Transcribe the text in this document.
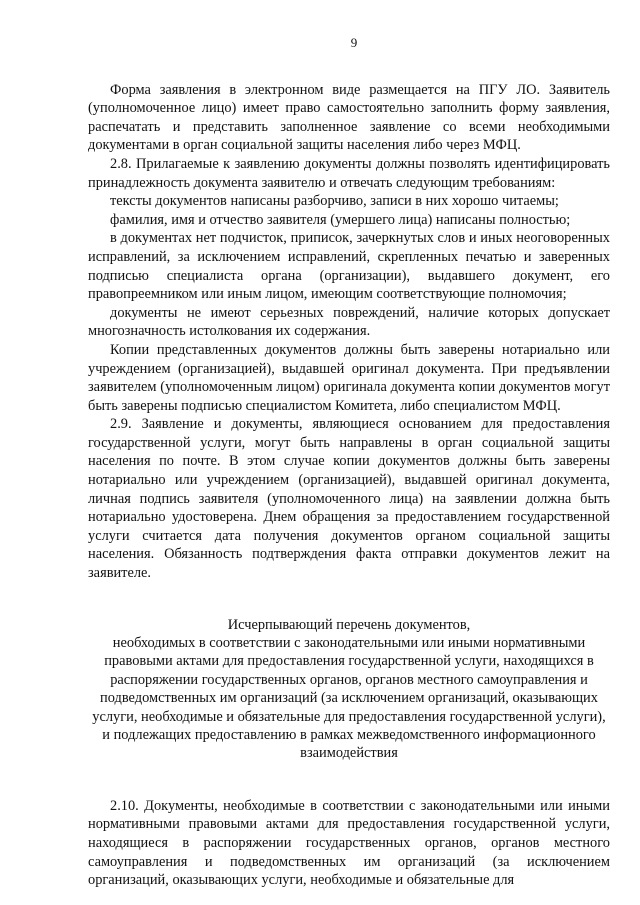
9

Форма заявления в электронном виде размещается на ПГУ ЛО. Заявитель (уполномоченное лицо) имеет право самостоятельно заполнить форму заявления, распечатать и представить заполненное заявление со всеми необходимыми документами в орган социальной защиты населения либо через МФЦ.

2.8. Прилагаемые к заявлению документы должны позволять идентифицировать принадлежность документа заявителю и отвечать следующим требованиям:

тексты документов написаны разборчиво, записи в них хорошо читаемы;

фамилия, имя и отчество заявителя (умершего лица) написаны полностью;

в документах нет подчисток, приписок, зачеркнутых слов и иных неоговоренных исправлений, за исключением исправлений, скрепленных печатью и заверенных подписью специалиста органа (организации), выдавшего документ, его правопреемником или иным лицом, имеющим соответствующие полномочия;

документы не имеют серьезных повреждений, наличие которых допускает многозначность истолкования их содержания.

Копии представленных документов должны быть заверены нотариально или учреждением (организацией), выдавшей оригинал документа. При предъявлении заявителем (уполномоченным лицом) оригинала документа копии документов могут быть заверены подписью специалистом Комитета, либо специалистом МФЦ.

2.9. Заявление и документы, являющиеся основанием для предоставления государственной услуги, могут быть направлены в орган социальной защиты населения по почте. В этом случае копии документов должны быть заверены нотариально или учреждением (организацией), выдавшей оригинал документа, личная подпись заявителя (уполномоченного лица) на заявлении должна быть нотариально удостоверена. Днем обращения за предоставлением государственной услуги считается дата получения документов органом социальной защиты населения. Обязанность подтверждения факта отправки документов лежит на заявителе.

Исчерпывающий перечень документов,
необходимых в соответствии с законодательными или иными нормативными
правовыми актами для предоставления государственной услуги, находящихся в
распоряжении государственных органов, органов местного самоуправления и
подведомственных им организаций (за исключением организаций, оказывающих
услуги, необходимые и обязательные для предоставления государственной услуги),
и подлежащих предоставлению в рамках межведомственного информационного
взаимодействия

2.10. Документы, необходимые в соответствии с законодательными или иными нормативными правовыми актами для предоставления государственной услуги, находящиеся в распоряжении государственных органов, органов местного самоуправления и подведомственных им организаций (за исключением организаций, оказывающих услуги, необходимые и обязательные для
